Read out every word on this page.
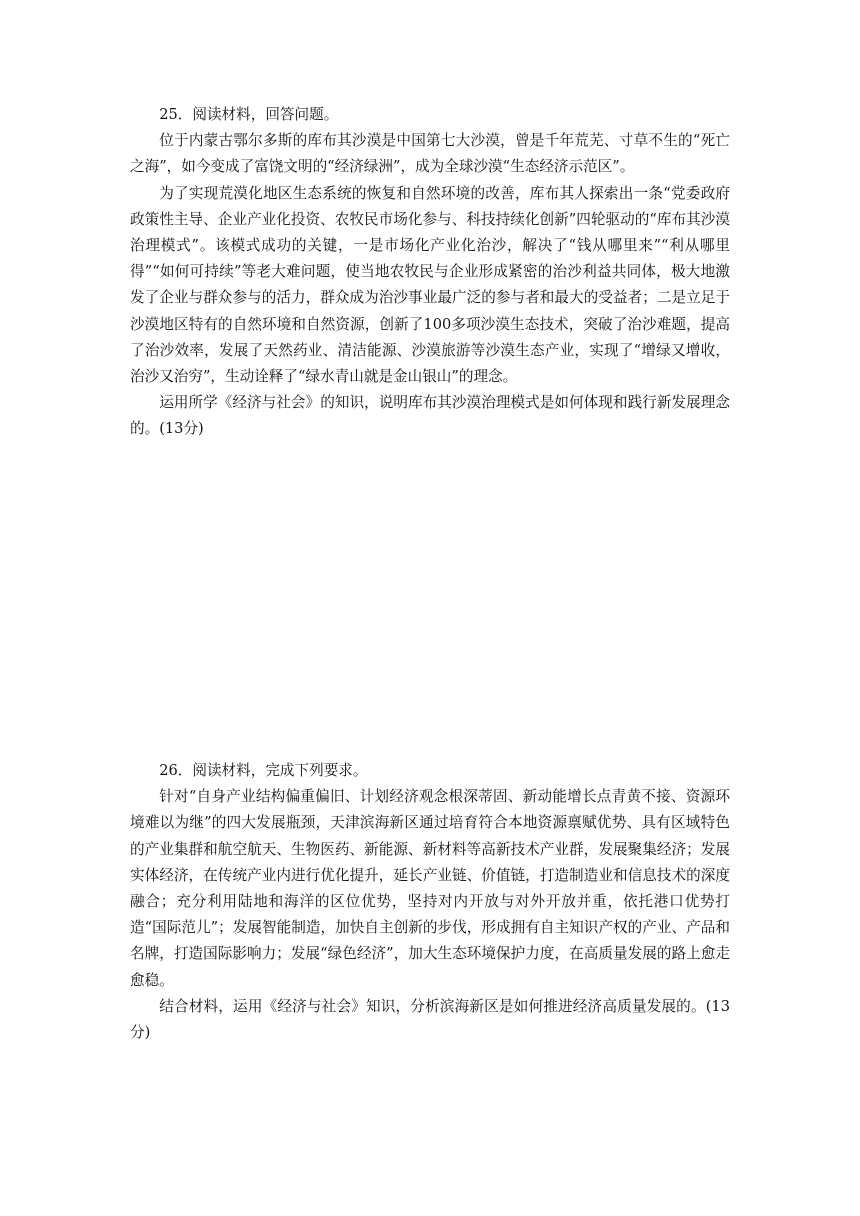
25．阅读材料，回答问题。

位于内蒙古鄂尔多斯的库布其沙漠是中国第七大沙漠，曾是千年荒芜、寸草不生的“死亡之海”，如今变成了富饶文明的“经济绿洲”，成为全球沙漠“生态经济示范区”。

为了实现荒漠化地区生态系统的恢复和自然环境的改善，库布其人探索出一条“党委政府政策性主导、企业产业化投资、农牧民市场化参与、科技持续化创新”四轮驱动的“库布其沙漠治理模式”。该模式成功的关键，一是市场化产业化治沙，解决了“钱从哪里来”“利从哪里得”“如何可持续”等老大难问题，使当地农牧民与企业形成紧密的治沙利益共同体，极大地激发了企业与群众参与的活力，群众成为治沙事业最广泛的参与者和最大的受益者；二是立足于沙漠地区特有的自然环境和自然资源，创新了100多项沙漠生态技术，突破了治沙难题，提高了治沙效率，发展了天然药业、清洁能源、沙漠旅游等沙漠生态产业，实现了“增绿又增收，治沙又治穷”，生动诠释了“绿水青山就是金山银山”的理念。

运用所学《经济与社会》的知识，说明库布其沙漠治理模式是如何体现和践行新发展理念的。(13分)

26．阅读材料，完成下列要求。

针对“自身产业结构偏重偏旧、计划经济观念根深蒂固、新动能增长点青黄不接、资源环境难以为继”的四大发展瓶颈，天津滨海新区通过培育符合本地资源禀赋优势、具有区域特色的产业集群和航空航天、生物医药、新能源、新材料等高新技术产业群，发展聚集经济；发展实体经济，在传统产业内进行优化提升，延长产业链、价值链，打造制造业和信息技术的深度融合；充分利用陆地和海洋的区位优势，坚持对内开放与对外开放并重，依托港口优势打造“国际范儿”；发展智能制造，加快自主创新的步伐，形成拥有自主知识产权的产业、产品和名牌，打造国际影响力；发展“绿色经济”，加大生态环境保护力度，在高质量发展的路上愈走愈稳。

结合材料，运用《经济与社会》知识，分析滨海新区是如何推进经济高质量发展的。(13分)
